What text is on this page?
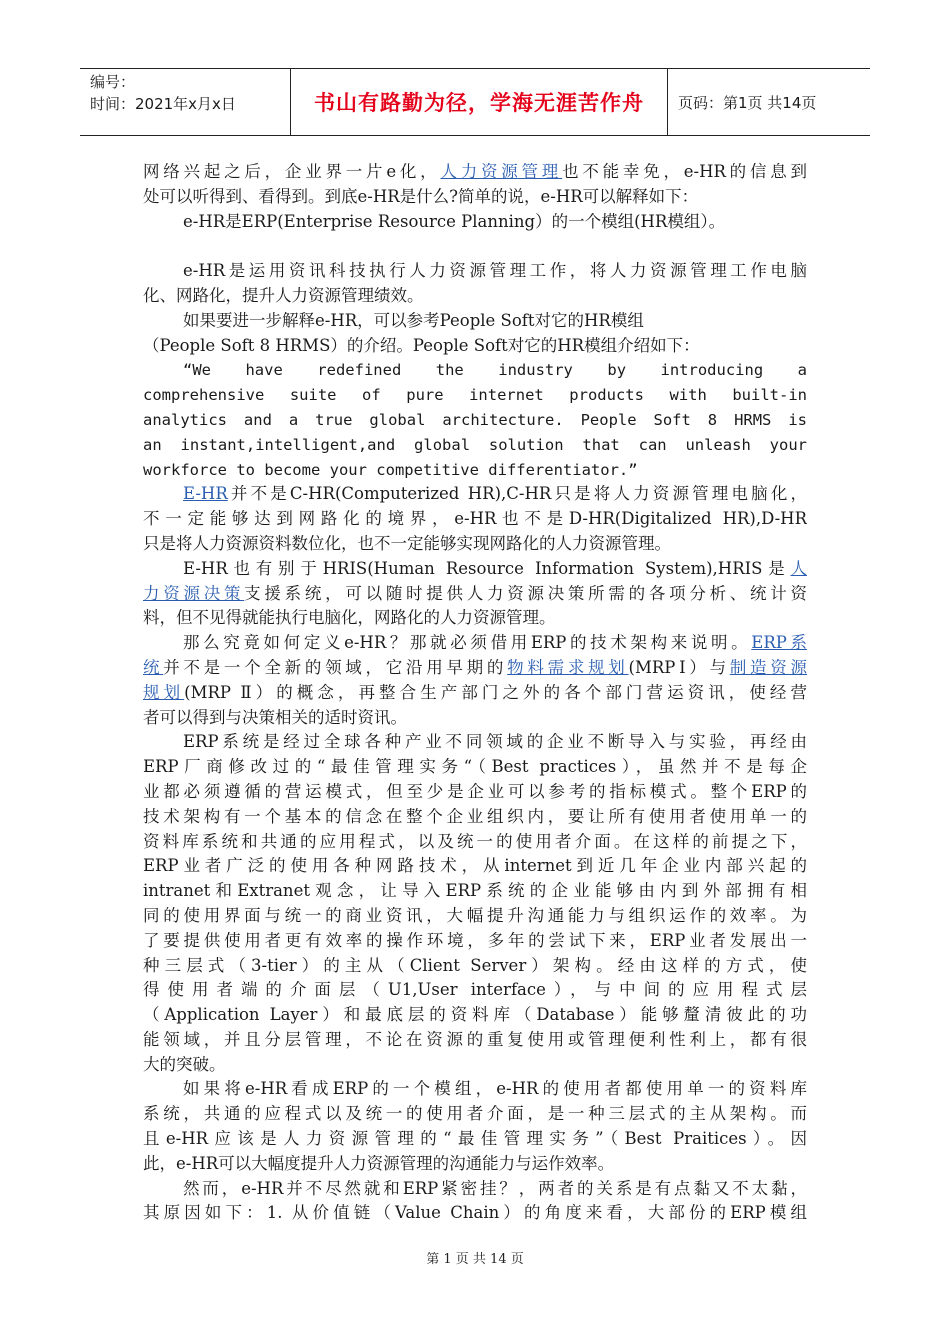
编号：
时间：2021年x月x日	书山有路勤为径，学海无涯苦作舟	页码：第1页 共14页
网络兴起之后，企业界一片e化，人力资源管理也不能幸免，e-HR的信息到
处可以听得到、看得到。到底e-HR是什么?简单的说，e-HR可以解释如下：
e-HR是ERP(Enterprise Resource Planning）的一个模组(HR模组）。
e-HR是运用资讯科技执行人力资源管理工作，将人力资源管理工作电脑
化、网路化，提升人力资源管理绩效。
如果要进一步解释e-HR，可以参考People Soft对它的HR模组
（People Soft 8 HRMS）的介绍。People Soft对它的HR模组介绍如下：
“We have redefined the industry by introducing a
comprehensive suite of pure internet products with built-in
analytics and a true global architecture. People Soft 8 HRMS is
an instant,intelligent,and global solution that can unleash your
workforce to become your competitive differentiator.”
E-HR并不是C-HR(Computerized HR),C-HR只是将人力资源管理电脑化，
不一定能够达到网路化的境界，e-HR也不是D-HR(Digitalized HR),D-HR
只是将人力资源资料数位化，也不一定能够实现网路化的人力资源管理。
E-HR也有别于HRIS(Human Resource Information System),HRIS是人
力资源决策支援系统，可以随时提供人力资源决策所需的各项分析、统计资
料，但不见得就能执行电脑化，网路化的人力资源管理。
那么究竟如何定义e-HR？那就必须借用ERP的技术架构来说明。ERP系
统并不是一个全新的领域，它沿用早期的物料需求规划(MRPⅠ）与制造资源
规划(MRP Ⅱ）的概念，再整合生产部门之外的各个部门营运资讯，使经营
者可以得到与决策相关的适时资讯。
ERP系统是经过全球各种产业不同领域的企业不断导入与实验，再经由
ERP厂商修改过的“最佳管理实务“（Best practices），虽然并不是每企
业都必须遵循的营运模式，但至少是企业可以参考的指标模式。整个ERP的
技术架构有一个基本的信念在整个企业组织内，要让所有使用者使用单一的
资料库系统和共通的应用程式，以及统一的使用者介面。在这样的前提之下，
ERP业者广泛的使用各种网路技术，从internet到近几年企业内部兴起的
intranet和Extranet观念，让导入ERP系统的企业能够由内到外部拥有相
同的使用界面与统一的商业资讯，大幅提升沟通能力与组织运作的效率。为
了要提供使用者更有效率的操作环境，多年的尝试下来，ERP业者发展出一
种三层式（3-tier）的主从（Client Server）架构。经由这样的方式，使
得使用者端的介面层（U1,User interface），与中间的应用程式层
（Application Layer）和最底层的资料库（Database）能够釐清彼此的功
能领域，并且分层管理，不论在资源的重复使用或管理便利性利上，都有很
大的突破。
如果将e-HR看成ERP的一个模组，e-HR的使用者都使用单一的资料库
系统，共通的应程式以及统一的使用者介面，是一种三层式的主从架构。而
且e-HR应该是人力资源管理的“最佳管理实务”（Best Praitices）。因
此，e-HR可以大幅度提升人力资源管理的沟通能力与运作效率。
然而，e-HR并不尽然就和ERP紧密挂？，两者的关系是有点黏又不太黏，
其原因如下：1. 从价值链（Value Chain）的角度来看，大部份的ERP模组
第 1 页 共 14 页
